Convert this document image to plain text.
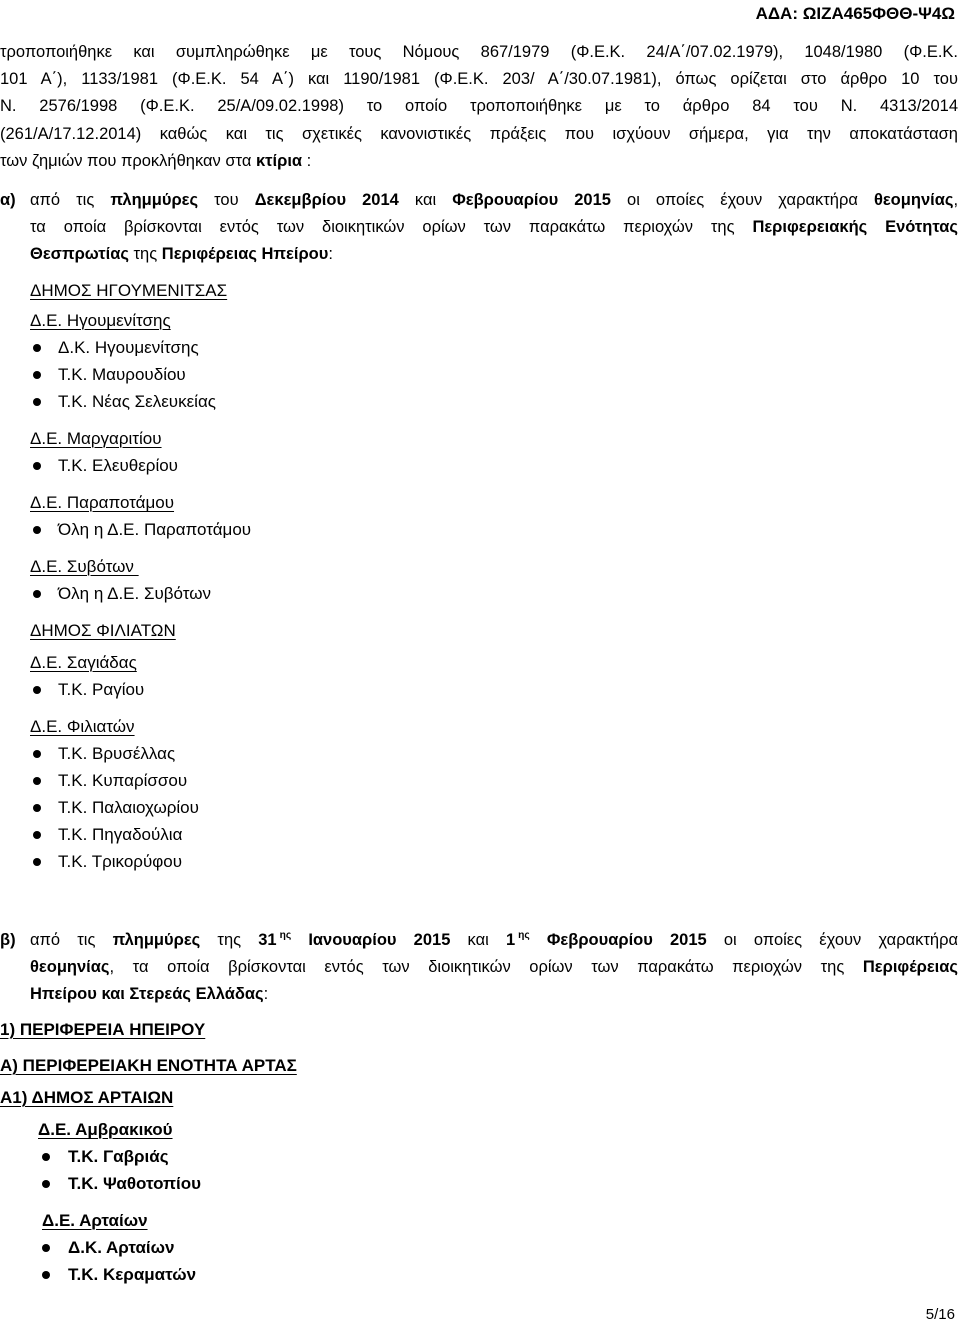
ΑΔΑ: ΩΙΖΑ465ΦΘΘ-Ψ4Ω
τροποποιήθηκε και συμπληρώθηκε με τους Νόμους 867/1979 (Φ.Ε.Κ. 24/Α΄/07.02.1979), 1048/1980 (Φ.Ε.Κ.
101 Α΄), 1133/1981 (Φ.Ε.Κ. 54 Α΄) και 1190/1981 (Φ.Ε.Κ. 203/ Α΄/30.07.1981), όπως ορίζεται στο άρθρο 10 του
Ν. 2576/1998 (Φ.Ε.Κ. 25/Α/09.02.1998) το οποίο τροποποιήθηκε με το άρθρο 84 του Ν. 4313/2014
(261/Α/17.12.2014) καθώς και τις σχετικές κανονιστικές πράξεις που ισχύουν σήμερα, για την αποκατάσταση
των ζημιών που προκλήθηκαν στα κτίρια :
α) από τις πλημμύρες του Δεκεμβρίου 2014 και Φεβρουαρίου 2015 οι οποίες έχουν χαρακτήρα θεομηνίας,
τα οποία βρίσκονται εντός των διοικητικών ορίων των παρακάτω περιοχών της Περιφερειακής Ενότητας
Θεσπρωτίας της Περιφέρειας Ηπείρου:
ΔΗΜΟΣ ΗΓΟΥΜΕΝΙΤΣΑΣ
Δ.Ε. Ηγουμενίτσης
Δ.Κ. Ηγουμενίτσης
Τ.Κ. Μαυρουδίου
Τ.Κ. Νέας Σελευκείας
Δ.Ε. Μαργαριτίου
Τ.Κ. Ελευθερίου
Δ.Ε. Παραποτάμου
Όλη η Δ.Ε. Παραποτάμου
Δ.Ε. Συβότων
Όλη η Δ.Ε. Συβότων
ΔΗΜΟΣ ΦΙΛΙΑΤΩΝ
Δ.Ε. Σαγιάδας
Τ.Κ. Ραγίου
Δ.Ε. Φιλιατών
Τ.Κ. Βρυσέλλας
Τ.Κ. Κυπαρίσσου
Τ.Κ. Παλαιοχωρίου
Τ.Κ. Πηγαδούλια
Τ.Κ. Τρικορύφου
β) από τις πλημμύρες της 31 $^{\eta\varsigma}$ Ιανουαρίου 2015 και 1 $^{\eta\varsigma}$ Φεβρουαρίου 2015 οι οποίες έχουν χαρακτήρα
θεομηνίας, τα οποία βρίσκονται εντός των διοικητικών ορίων των παρακάτω περιοχών της Περιφέρειας
Ηπείρου και Στερεάς Ελλάδας:
1) ΠΕΡΙΦΕΡΕΙΑ ΗΠΕΙΡΟΥ
Α) ΠΕΡΙΦΕΡΕΙΑΚΗ ΕΝΟΤΗΤΑ ΑΡΤΑΣ
Α1) ΔΗΜΟΣ ΑΡΤΑΙΩΝ
Δ.Ε. Αμβρακικού
Τ.Κ. Γαβριάς
Τ.Κ. Ψαθοτοπίου
Δ.Ε. Αρταίων
Δ.Κ. Αρταίων
Τ.Κ. Κεραματών
5/16
